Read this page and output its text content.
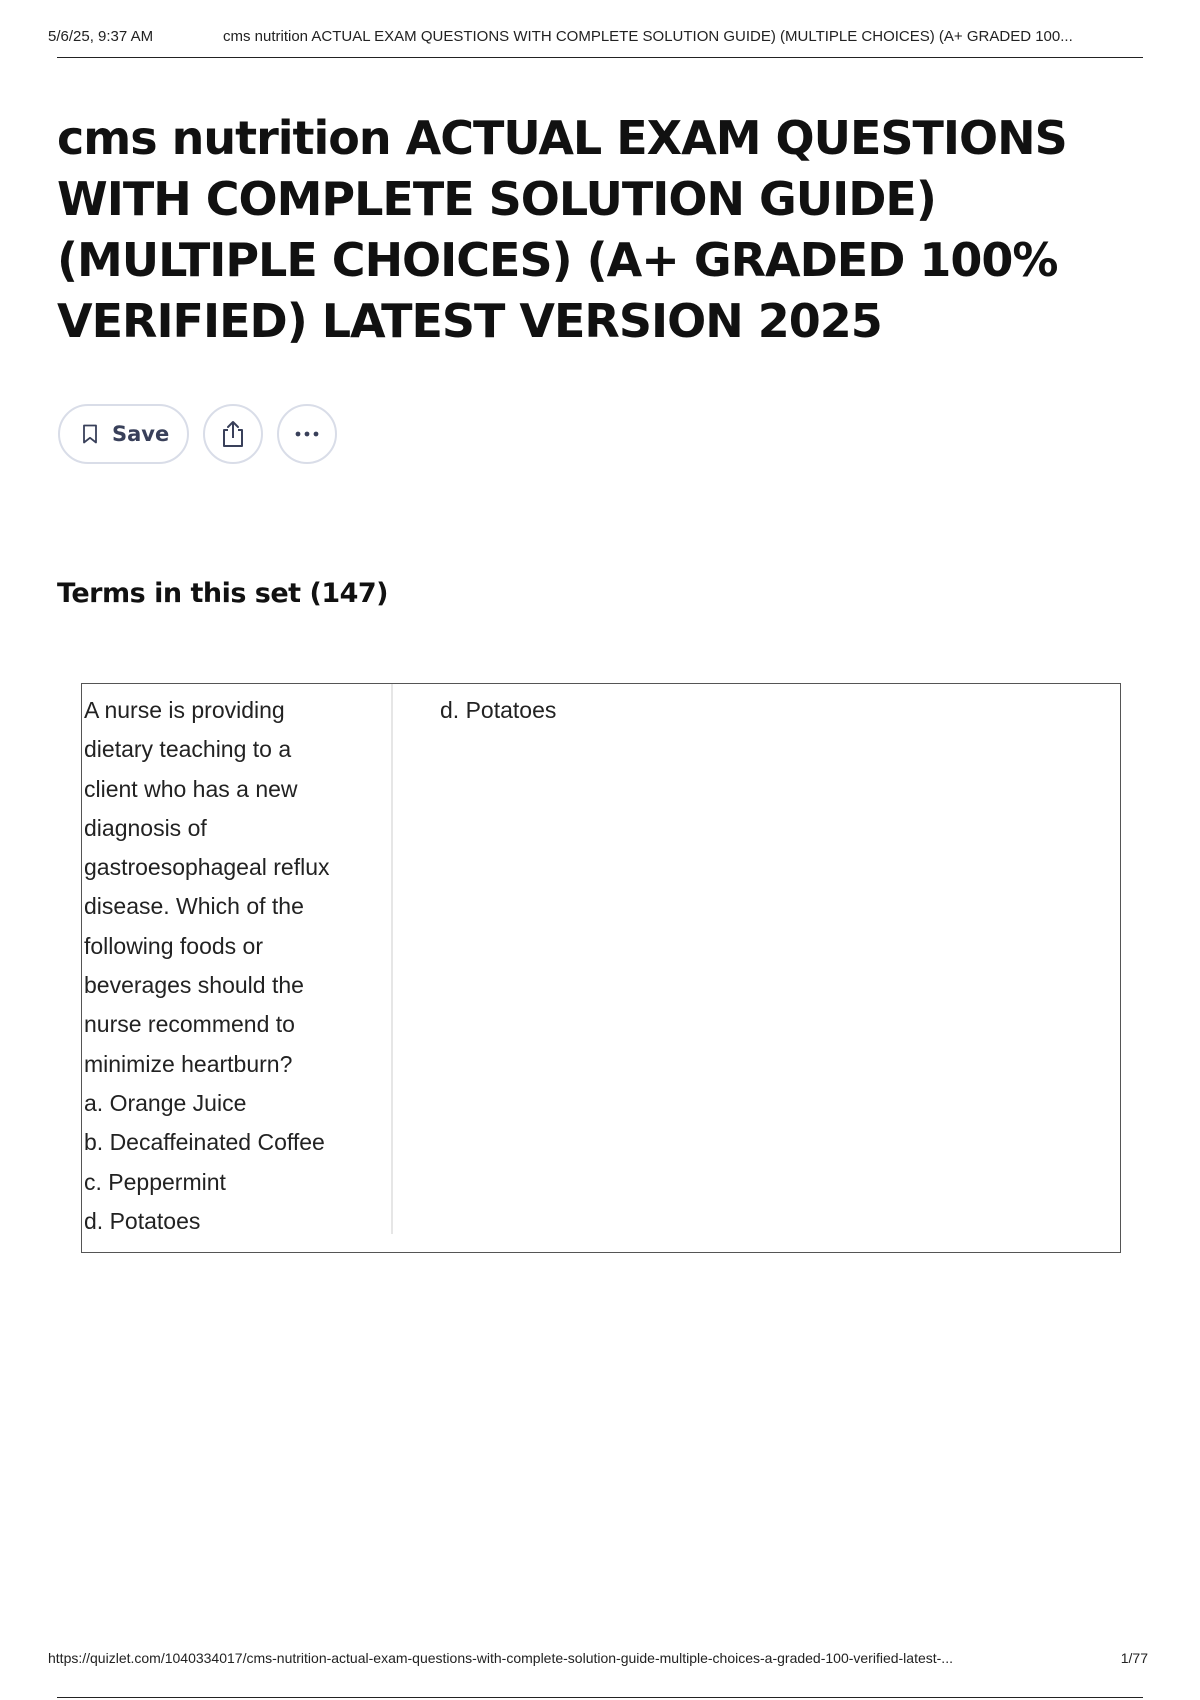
5/6/25, 9:37 AM	cms nutrition ACTUAL EXAM QUESTIONS WITH COMPLETE SOLUTION GUIDE) (MULTIPLE CHOICES) (A+ GRADED 100...
cms nutrition ACTUAL EXAM QUESTIONS WITH COMPLETE SOLUTION GUIDE) (MULTIPLE CHOICES) (A+ GRADED 100% VERIFIED) LATEST VERSION 2025
Save
Terms in this set (147)
A nurse is providing
dietary teaching to a
client who has a new
diagnosis of
gastroesophageal reflux
disease. Which of the
following foods or
beverages should the
nurse recommend to
minimize heartburn?
a. Orange Juice
b. Decaffeinated Coffee
c. Peppermint
d. Potatoes
d. Potatoes
https://quizlet.com/1040334017/cms-nutrition-actual-exam-questions-with-complete-solution-guide-multiple-choices-a-graded-100-verified-latest-...	1/77
